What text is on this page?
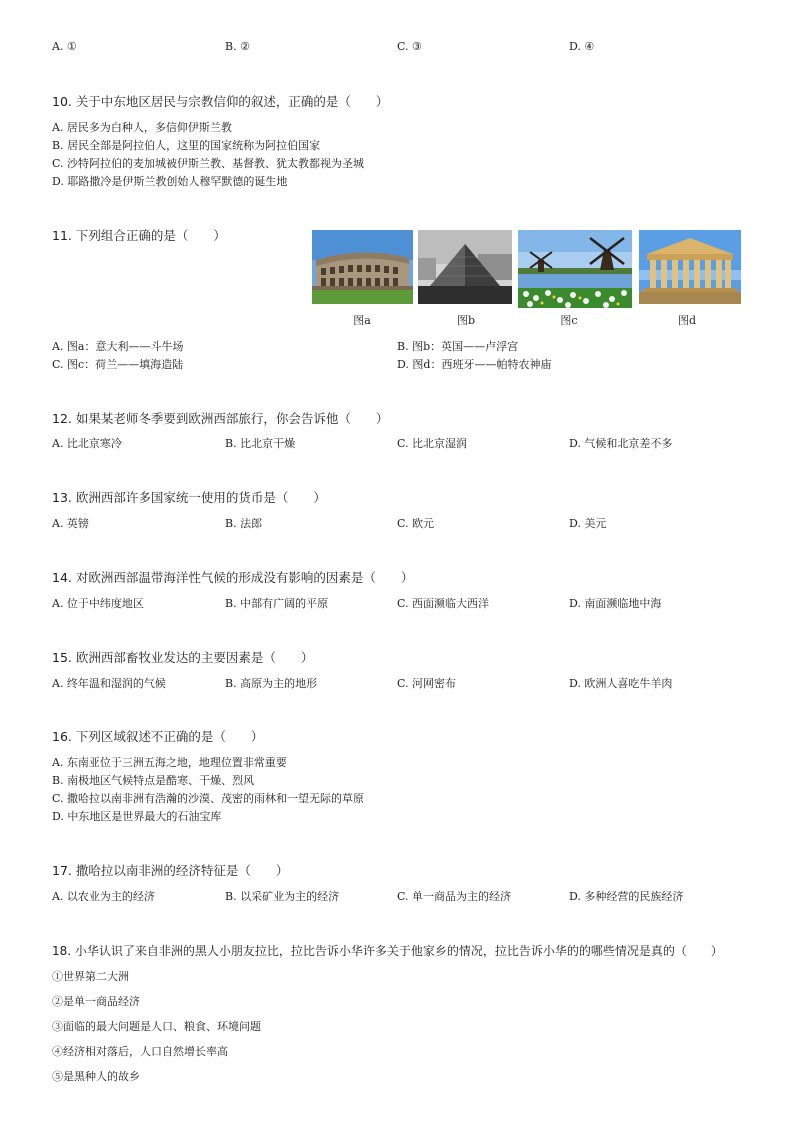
A. ①	B. ②	C. ③	D. ④
10. 关于中东地区居民与宗教信仰的叙述，正确的是（　　）
A. 居民多为白种人，多信仰伊斯兰教
B. 居民全部是阿拉伯人，这里的国家统称为阿拉伯国家
C. 沙特阿拉伯的麦加城被伊斯兰教、基督教、犹太教都视为圣城
D. 耶路撒冷是伊斯兰教创始人穆罕默德的诞生地
11. 下列组合正确的是（　　）
图a	图b	图c	图d
A. 图a：意大利——斗牛场	B. 图b：英国——卢浮宫
C. 图c：荷兰——填海造陆	D. 图d：西班牙——帕特农神庙
12. 如果某老师冬季要到欧洲西部旅行，你会告诉他（　　）
A. 比北京寒冷	B. 比北京干燥	C. 比北京湿润	D. 气候和北京差不多
13. 欧洲西部许多国家统一使用的货币是（　　）
A. 英镑	B. 法郎	C. 欧元	D. 美元
14. 对欧洲西部温带海洋性气候的形成没有影响的因素是（　　）
A. 位于中纬度地区	B. 中部有广阔的平原	C. 西面濒临大西洋	D. 南面濒临地中海
15. 欧洲西部畜牧业发达的主要因素是（　　）
A. 终年温和湿润的气候	B. 高原为主的地形	C. 河网密布	D. 欧洲人喜吃牛羊肉
16. 下列区域叙述不正确的是（　　）
A. 东南亚位于三洲五海之地，地理位置非常重要
B. 南极地区气候特点是酷寒、干燥、烈风
C. 撒哈拉以南非洲有浩瀚的沙漠、茂密的雨林和一望无际的草原
D. 中东地区是世界最大的石油宝库
17. 撒哈拉以南非洲的经济特征是（　　）
A. 以农业为主的经济	B. 以采矿业为主的经济	C. 单一商品为主的经济	D. 多种经营的民族经济
18. 小华认识了来自非洲的黑人小朋友拉比，拉比告诉小华许多关于他家乡的情况，拉比告诉小华的的哪些情况是真的（　　）
①世界第二大洲
②是单一商品经济
③面临的最大问题是人口、粮食、环境问题
④经济相对落后，人口自然增长率高
⑤是黑种人的故乡
